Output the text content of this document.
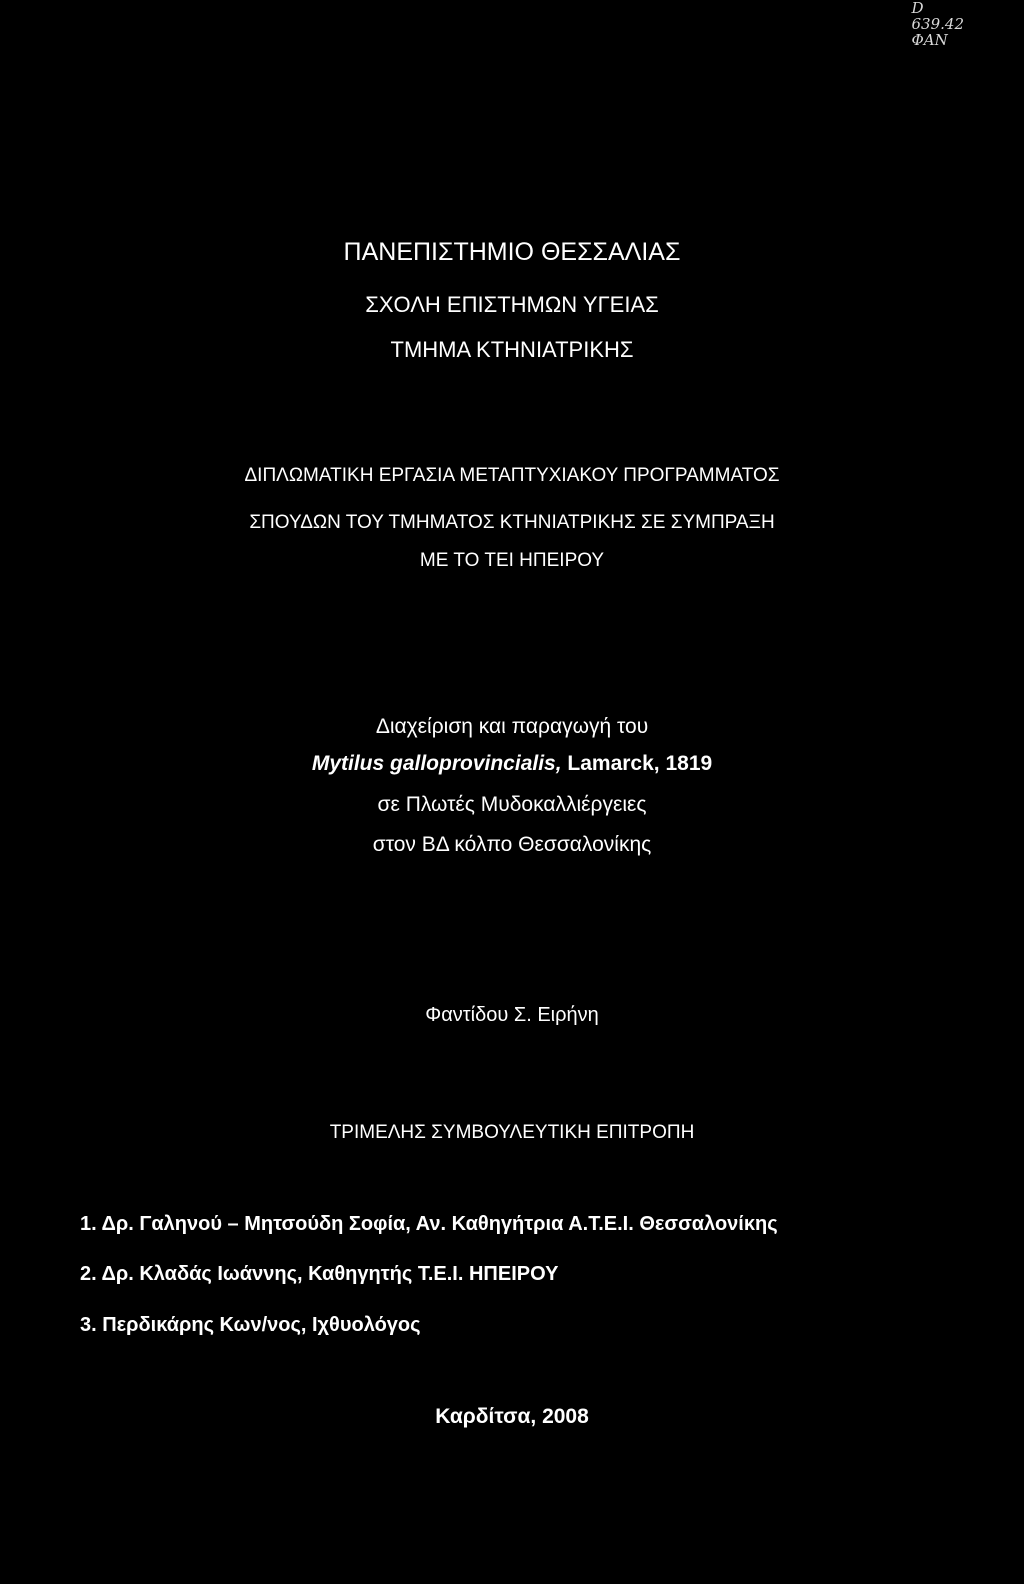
D
639.42
ΦΑΝ
ΠΑΝΕΠΙΣΤΗΜΙΟ ΘΕΣΣΑΛΙΑΣ
ΣΧΟΛΗ ΕΠΙΣΤΗΜΩΝ ΥΓΕΙΑΣ
ΤΜΗΜΑ ΚΤΗΝΙΑΤΡΙΚΗΣ
ΔΙΠΛΩΜΑΤΙΚΗ ΕΡΓΑΣΙΑ ΜΕΤΑΠΤΥΧΙΑΚΟΥ ΠΡΟΓΡΑΜΜΑΤΟΣ
ΣΠΟΥΔΩΝ ΤΟΥ ΤΜΗΜΑΤΟΣ ΚΤΗΝΙΑΤΡΙΚΗΣ ΣΕ ΣΥΜΠΡΑΞΗ
ΜΕ ΤΟ ΤΕΙ ΗΠΕΙΡΟΥ
Διαχείριση και παραγωγή του
Mytilus galloprovincialis, Lamarck, 1819
σε Πλωτές Μυδοκαλλιέργειες
στον ΒΔ κόλπο Θεσσαλονίκης
Φαντίδου Σ. Ειρήνη
ΤΡΙΜΕΛΗΣ ΣΥΜΒΟΥΛΕΥΤΙΚΗ ΕΠΙΤΡΟΠΗ
1. Δρ. Γαληνού – Μητσούδη Σοφία, Αν. Καθηγήτρια Α.Τ.Ε.Ι. Θεσσαλονίκης
2. Δρ. Κλαδάς Ιωάννης, Καθηγητής Τ.Ε.Ι. ΗΠΕΙΡΟΥ
3. Περδικάρης Κων/νος, Ιχθυολόγος
Καρδίτσα, 2008
